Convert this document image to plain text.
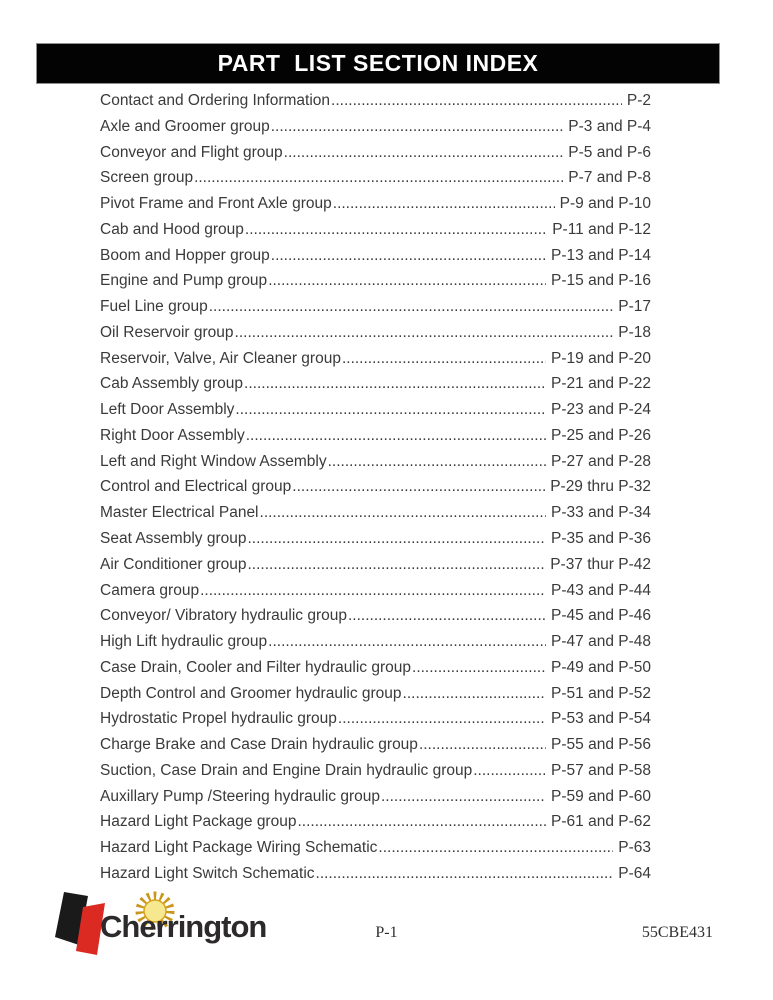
PART  LIST SECTION INDEX
Contact and Ordering Information .....	P-2
Axle and Groomer group .....	P-3 and P-4
Conveyor and Flight group .....	P-5 and P-6
Screen group .....	P-7 and P-8
Pivot Frame and Front Axle group .....	P-9 and P-10
Cab and Hood group .....	P-11 and P-12
Boom and Hopper group .....	P-13 and P-14
Engine and Pump group .....	P-15 and P-16
Fuel Line group .....	P-17
Oil Reservoir group .....	P-18
Reservoir, Valve, Air Cleaner group .....	P-19 and P-20
Cab Assembly group .....	P-21 and P-22
Left Door Assembly .....	P-23 and P-24
Right Door Assembly .....	P-25 and P-26
Left and Right Window Assembly .....	P-27 and P-28
Control and Electrical group .....	P-29 thru P-32
Master Electrical Panel .....	P-33 and P-34
Seat Assembly group .....	P-35 and P-36
Air Conditioner group .....	P-37 thur P-42
Camera group .....	P-43 and P-44
Conveyor/ Vibratory hydraulic group .....	P-45 and P-46
High Lift hydraulic group .....	P-47 and P-48
Case Drain, Cooler and Filter hydraulic group .....	P-49 and P-50
Depth Control and Groomer hydraulic group .....	P-51 and P-52
Hydrostatic Propel hydraulic group .....	P-53 and P-54
Charge Brake and Case Drain hydraulic group .....	P-55 and P-56
Suction, Case Drain and Engine Drain hydraulic group .....	P-57 and P-58
Auxillary Pump /Steering hydraulic group .....	P-59 and P-60
Hazard Light Package group .....	P-61 and P-62
Hazard Light Package Wiring Schematic .....	P-63
Hazard Light Switch Schematic .....	P-64
Cherrington	P-1	55CBE431
